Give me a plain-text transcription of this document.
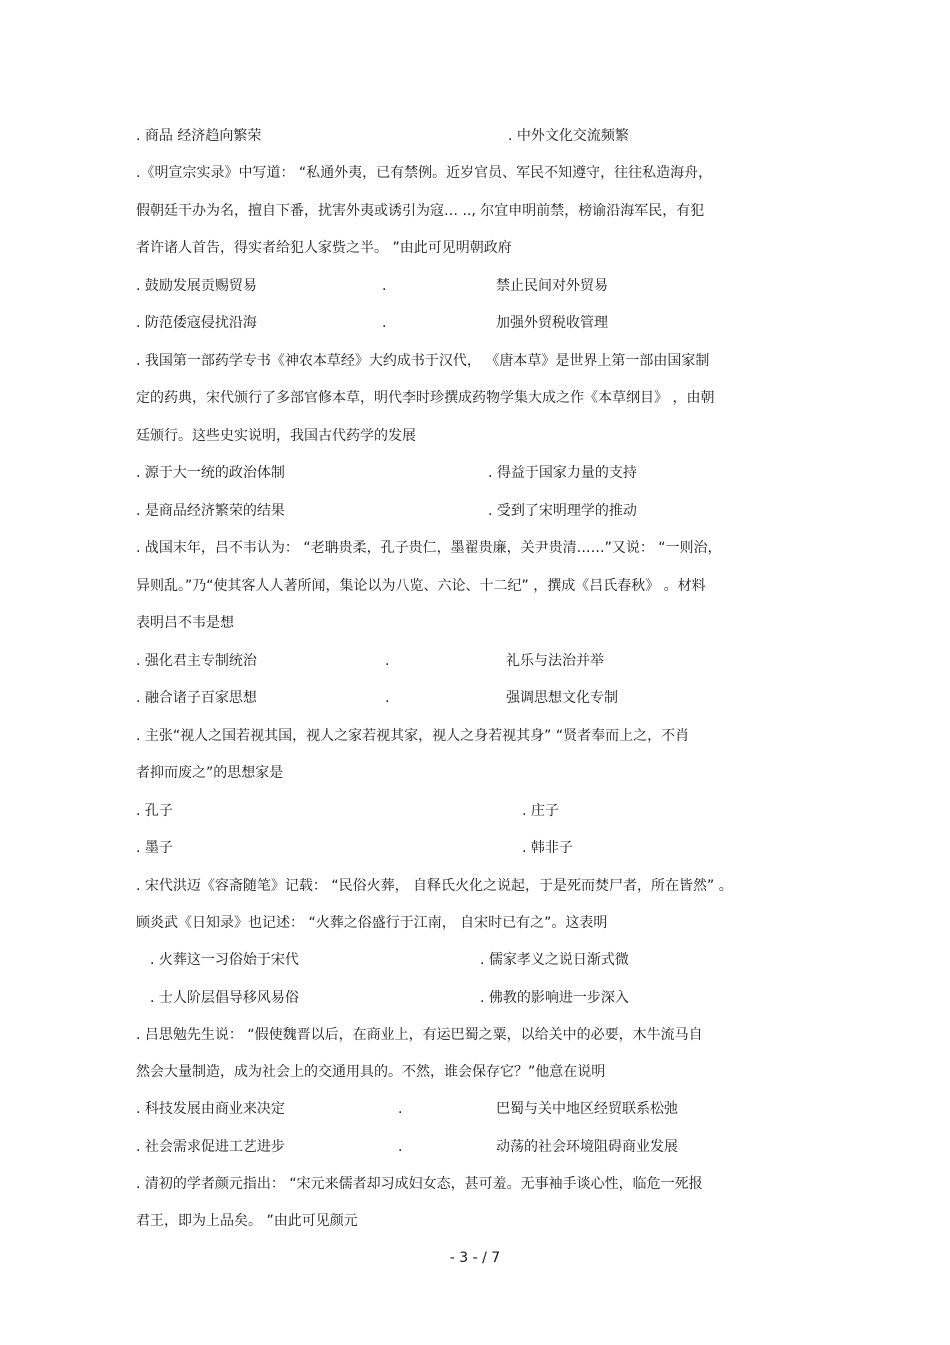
. 商品 经济趋向繁荣	. 中外文化交流频繁
.《明宣宗实录》中写道： “私通外夷，已有禁例。近岁官员、军民不知遵守，往往私造海舟，
假朝廷干办为名，擅自下番，扰害外夷或诱引为寇… .., 尔宜申明前禁，榜谕沿海军民，有犯
者许诸人首告，得实者给犯人家赀之半。 ”由此可见明朝政府
. 鼓励发展贡赐贸易	.	禁止民间对外贸易
. 防范倭寇侵扰沿海	.	加强外贸税收管理
. 我国第一部药学专书《神农本草经》大约成书于汉代， 《唐本草》是世界上第一部由国家制
定的药典，宋代颁行了多部官修本草，明代李时珍撰成药物学集大成之作《本草纲目》 ，由朝
廷颁行。这些史实说明，我国古代药学的发展
. 源于大一统的政治体制	. 得益于国家力量的支持
. 是商品经济繁荣的结果	. 受到了宋明理学的推动
. 战国末年，吕不韦认为： “老聃贵柔，孔子贵仁，墨翟贵廉，关尹贵清……”又说： “一则治，
异则乱。”乃“使其客人人著所闻，集论以为八览、六论、十二纪” ，撰成《吕氏春秋》 。材料
表明吕不韦是想
. 强化君主专制统治	.	礼乐与法治并举
. 融合诸子百家思想	.	强调思想文化专制
. 主张“视人之国若视其国，视人之家若视其家，视人之身若视其身” “贤者奉而上之，不肖
者抑而废之”的思想家是
. 孔子	. 庄子
. 墨子	. 韩非子
. 宋代洪迈《容斋随笔》记载： “民俗火葬， 自释氏火化之说起，于是死而焚尸者，所在皆然” 。
顾炎武《日知录》也记述： “火葬之俗盛行于江南， 自宋时已有之”。这表明
. 火葬这一习俗始于宋代	. 儒家孝义之说日渐式微
. 士人阶层倡导移风易俗	. 佛教的影响进一步深入
. 吕思勉先生说： “假使魏晋以后，在商业上，有运巴蜀之粟，以给关中的必要，木牛流马自
然会大量制造，成为社会上的交通用具的。不然，谁会保存它？”他意在说明
. 科技发展由商业来决定	.	巴蜀与关中地区经贸联系松弛
. 社会需求促进工艺进步	.	动荡的社会环境阻碍商业发展
. 清初的学者颜元指出： “宋元来儒者却习成妇女态，甚可羞。无事袖手谈心性，临危一死报
君王，即为上品矣。 ”由此可见颜元
- 3 - / 7
